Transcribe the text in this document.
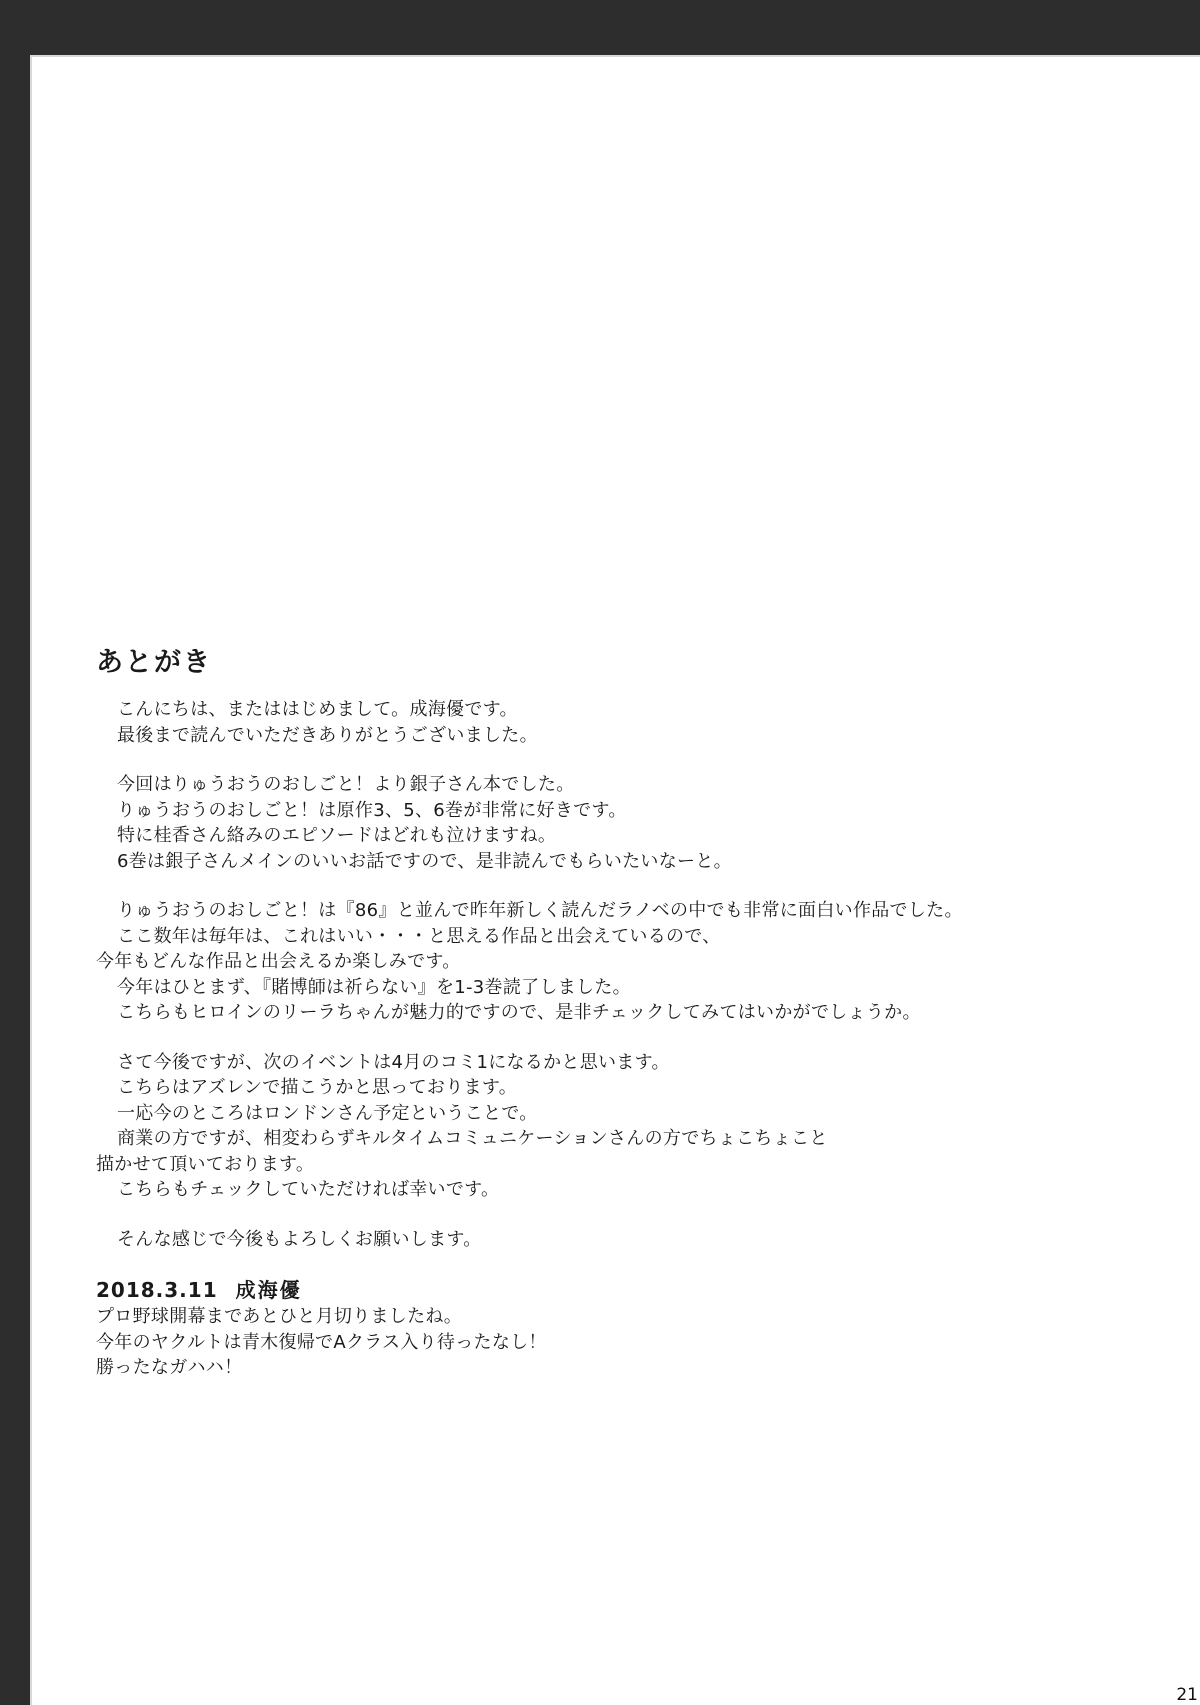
あとがき
こんにちは、またははじめまして。成海優です。
最後まで読んでいただきありがとうございました。
今回はりゅうおうのおしごと！より銀子さん本でした。
りゅうおうのおしごと！は原作3、5、6巻が非常に好きです。
特に桂香さん絡みのエピソードはどれも泣けますね。
6巻は銀子さんメインのいいお話ですので、是非読んでもらいたいなーと。
りゅうおうのおしごと！は『86』と並んで昨年新しく読んだラノベの中でも非常に面白い作品でした。
ここ数年は毎年は、これはいい・・・と思える作品と出会えているので、
今年もどんな作品と出会えるか楽しみです。
今年はひとまず、『賭博師は祈らない』を1-3巻読了しました。
こちらもヒロインのリーラちゃんが魅力的ですので、是非チェックしてみてはいかがでしょうか。
さて今後ですが、次のイベントは4月のコミ1になるかと思います。
こちらはアズレンで描こうかと思っております。
一応今のところはロンドンさん予定ということで。
商業の方ですが、相変わらずキルタイムコミュニケーションさんの方でちょこちょこと
描かせて頂いております。
こちらもチェックしていただければ幸いです。
そんな感じで今後もよろしくお願いします。
2018.3.11 成海優
プロ野球開幕まであとひと月切りましたね。
今年のヤクルトは青木復帰でAクラス入り待ったなし！
勝ったなガハハ！
21
